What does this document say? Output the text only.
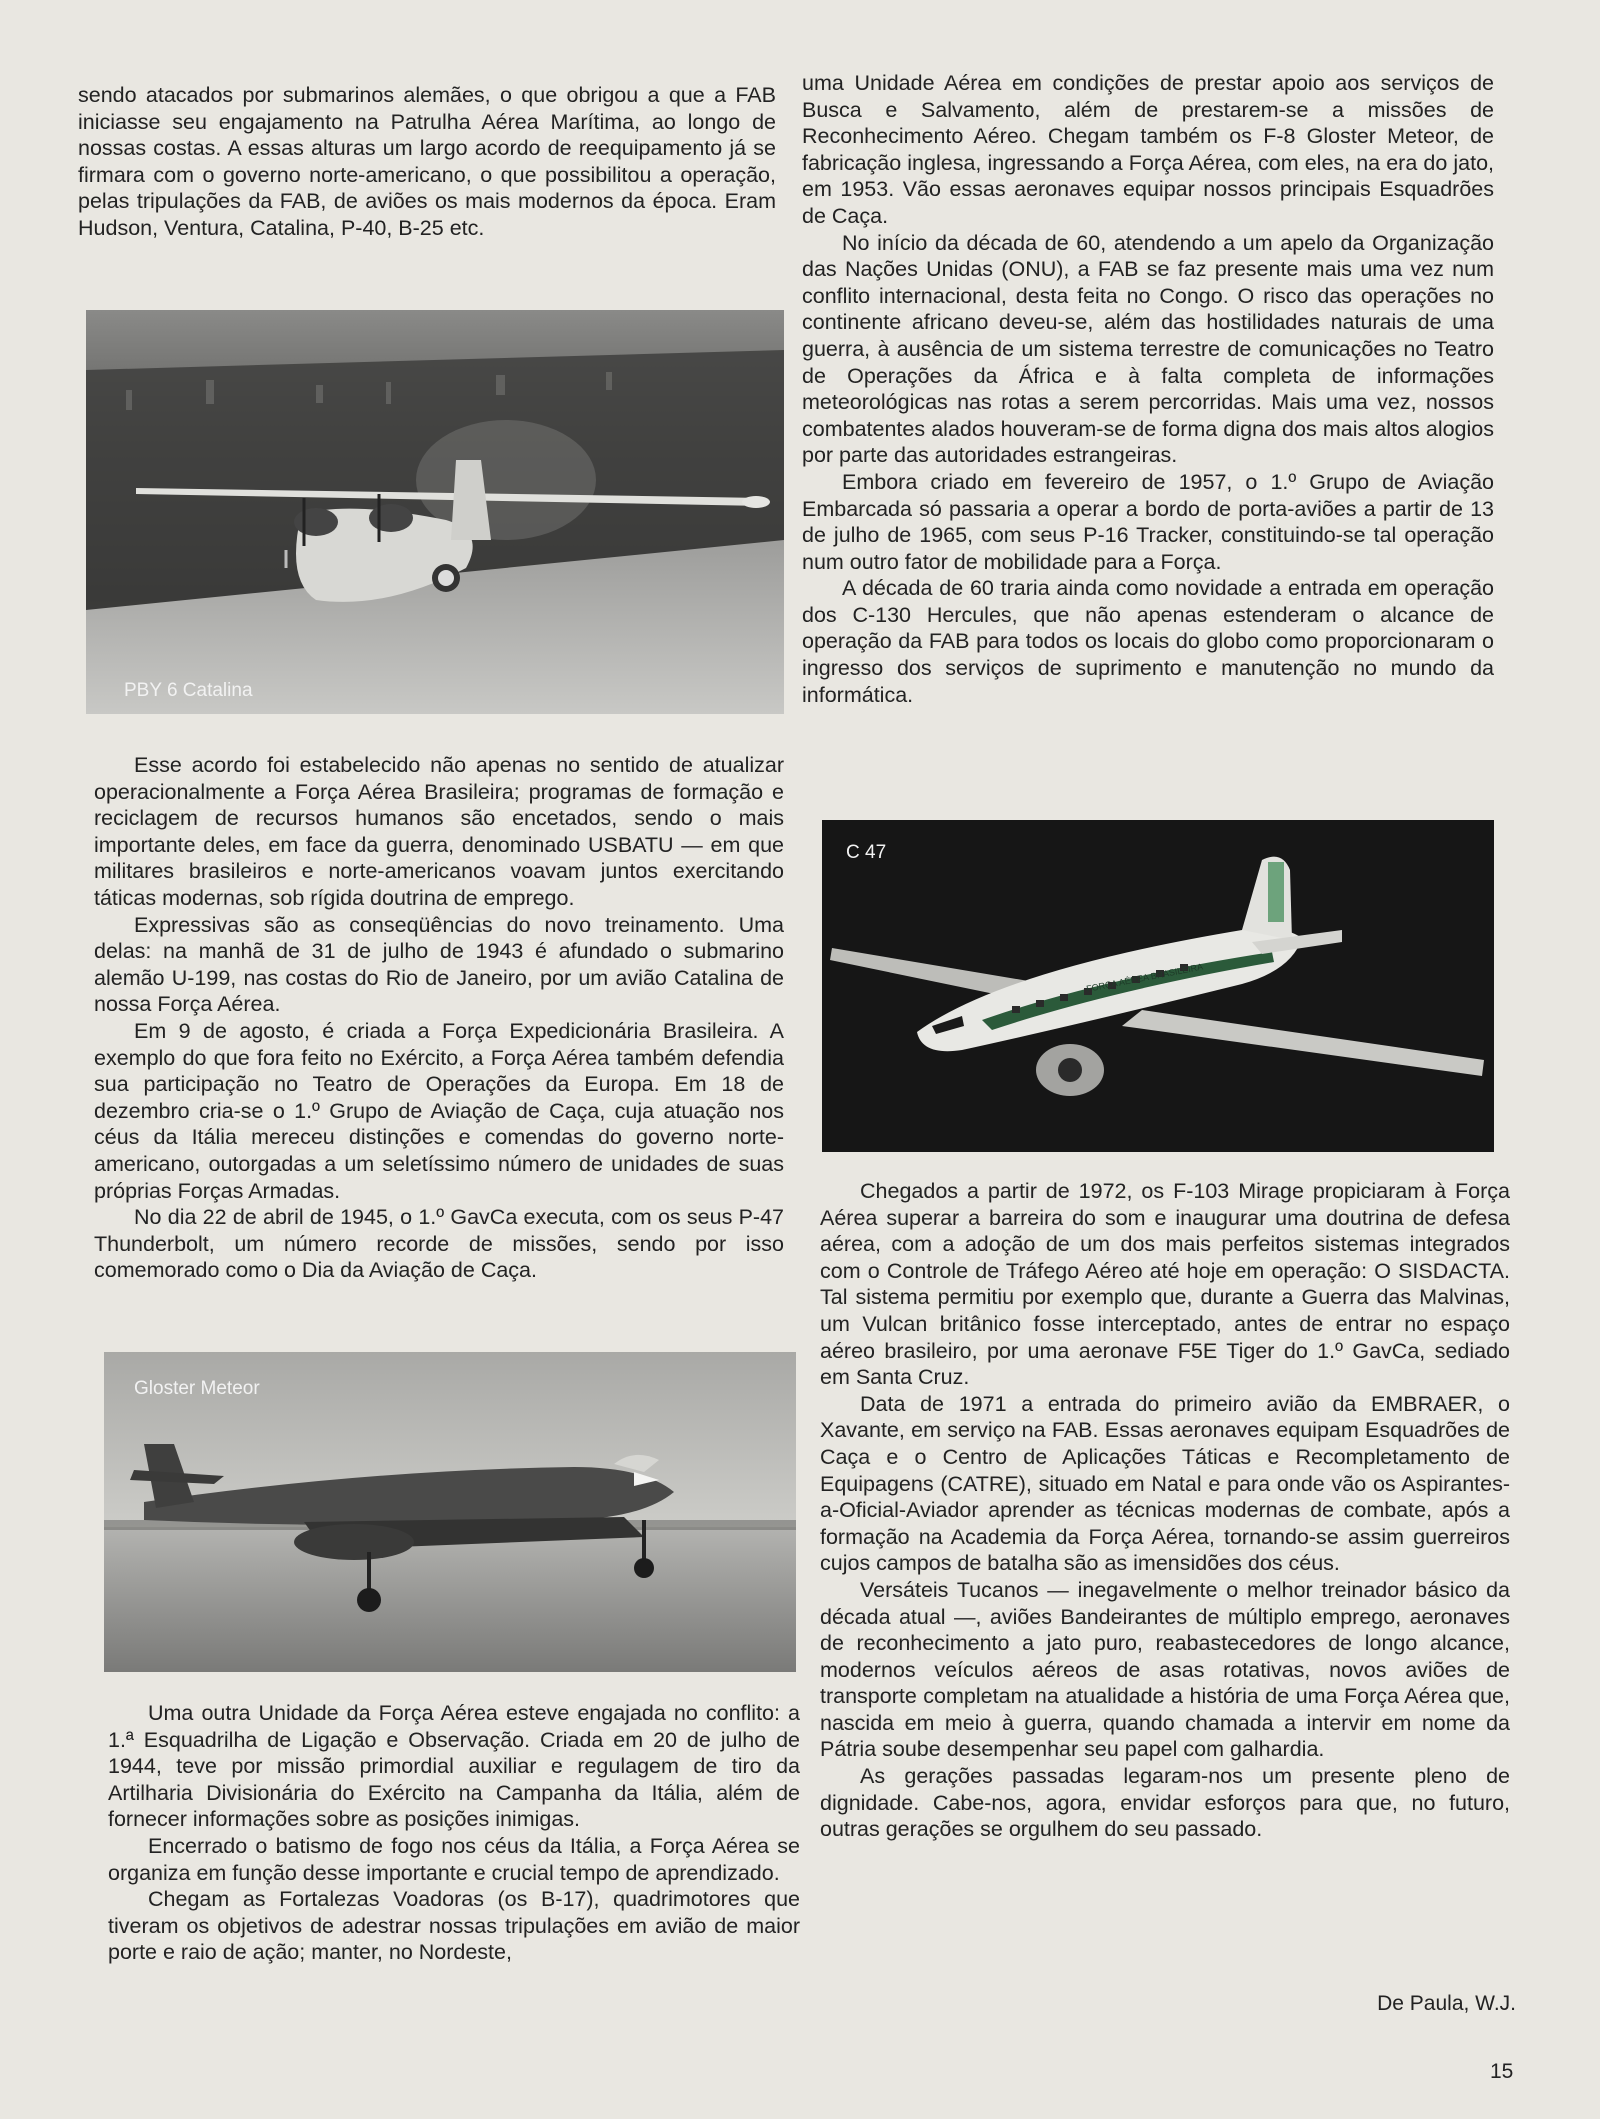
sendo atacados por submarinos alemães, o que obrigou a que a FAB iniciasse seu engajamento na Patrulha Aérea Marítima, ao longo de nossas costas. A essas alturas um largo acordo de reequipamento já se firmara com o governo norte-americano, o que possibilitou a operação, pelas tripulações da FAB, de aviões os mais modernos da época. Eram Hudson, Ventura, Catalina, P-40, B-25 etc.

PBY 6 Catalina

Esse acordo foi estabelecido não apenas no sentido de atualizar operacionalmente a Força Aérea Brasileira; programas de formação e reciclagem de recursos humanos são encetados, sendo o mais importante deles, em face da guerra, denominado USBATU — em que militares brasileiros e norte-americanos voavam juntos exercitando táticas modernas, sob rígida doutrina de emprego.

Expressivas são as conseqüências do novo treinamento. Uma delas: na manhã de 31 de julho de 1943 é afundado o submarino alemão U-199, nas costas do Rio de Janeiro, por um avião Catalina de nossa Força Aérea.

Em 9 de agosto, é criada a Força Expedicionária Brasileira. A exemplo do que fora feito no Exército, a Força Aérea também defendia sua participação no Teatro de Operações da Europa. Em 18 de dezembro cria-se o 1.º Grupo de Aviação de Caça, cuja atuação nos céus da Itália mereceu distinções e comendas do governo norte-americano, outorgadas a um seletíssimo número de unidades de suas próprias Forças Armadas.

No dia 22 de abril de 1945, o 1.º GavCa executa, com os seus P-47 Thunderbolt, um número recorde de missões, sendo por isso comemorado como o Dia da Aviação de Caça.

Gloster Meteor

Uma outra Unidade da Força Aérea esteve engajada no conflito: a 1.ª Esquadrilha de Ligação e Observação. Criada em 20 de julho de 1944, teve por missão primordial auxiliar e regulagem de tiro da Artilharia Divisionária do Exército na Campanha da Itália, além de fornecer informações sobre as posições inimigas.

Encerrado o batismo de fogo nos céus da Itália, a Força Aérea se organiza em função desse importante e crucial tempo de aprendizado.

Chegam as Fortalezas Voadoras (os B-17), quadrimotores que tiveram os objetivos de adestrar nossas tripulações em avião de maior porte e raio de ação; manter, no Nordeste,

uma Unidade Aérea em condições de prestar apoio aos serviços de Busca e Salvamento, além de prestarem-se a missões de Reconhecimento Aéreo. Chegam também os F-8 Gloster Meteor, de fabricação inglesa, ingressando a Força Aérea, com eles, na era do jato, em 1953. Vão essas aeronaves equipar nossos principais Esquadrões de Caça.

No início da década de 60, atendendo a um apelo da Organização das Nações Unidas (ONU), a FAB se faz presente mais uma vez num conflito internacional, desta feita no Congo. O risco das operações no continente africano deveu-se, além das hostilidades naturais de uma guerra, à ausência de um sistema terrestre de comunicações no Teatro de Operações da África e à falta completa de informações meteorológicas nas rotas a serem percorridas. Mais uma vez, nossos combatentes alados houveram-se de forma digna dos mais altos alogios por parte das autoridades estrangeiras.

Embora criado em fevereiro de 1957, o 1.º Grupo de Aviação Embarcada só passaria a operar a bordo de porta-aviões a partir de 13 de julho de 1965, com seus P-16 Tracker, constituindo-se tal operação num outro fator de mobilidade para a Força.

A década de 60 traria ainda como novidade a entrada em operação dos C-130 Hercules, que não apenas estenderam o alcance de operação da FAB para todos os locais do globo como proporcionaram o ingresso dos serviços de suprimento e manutenção no mundo da informática.

FORÇA AÉREA BRASILEIRA
C 47

Chegados a partir de 1972, os F-103 Mirage propiciaram à Força Aérea superar a barreira do som e inaugurar uma doutrina de defesa aérea, com a adoção de um dos mais perfeitos sistemas integrados com o Controle de Tráfego Aéreo até hoje em operação: O SISDACTA. Tal sistema permitiu por exemplo que, durante a Guerra das Malvinas, um Vulcan britânico fosse interceptado, antes de entrar no espaço aéreo brasileiro, por uma aeronave F5E Tiger do 1.º GavCa, sediado em Santa Cruz.

Data de 1971 a entrada do primeiro avião da EMBRAER, o Xavante, em serviço na FAB. Essas aeronaves equipam Esquadrões de Caça e o Centro de Aplicações Táticas e Recompletamento de Equipagens (CATRE), situado em Natal e para onde vão os Aspirantes-a-Oficial-Aviador aprender as técnicas modernas de combate, após a formação na Academia da Força Aérea, tornando-se assim guerreiros cujos campos de batalha são as imensidões dos céus.

Versáteis Tucanos — inegavelmente o melhor treinador básico da década atual —, aviões Bandeirantes de múltiplo emprego, aeronaves de reconhecimento a jato puro, reabastecedores de longo alcance, modernos veículos aéreos de asas rotativas, novos aviões de transporte completam na atualidade a história de uma Força Aérea que, nascida em meio à guerra, quando chamada a intervir em nome da Pátria soube desempenhar seu papel com galhardia.

As gerações passadas legaram-nos um presente pleno de dignidade. Cabe-nos, agora, envidar esforços para que, no futuro, outras gerações se orgulhem do seu passado.

De Paula, W.J.
15
